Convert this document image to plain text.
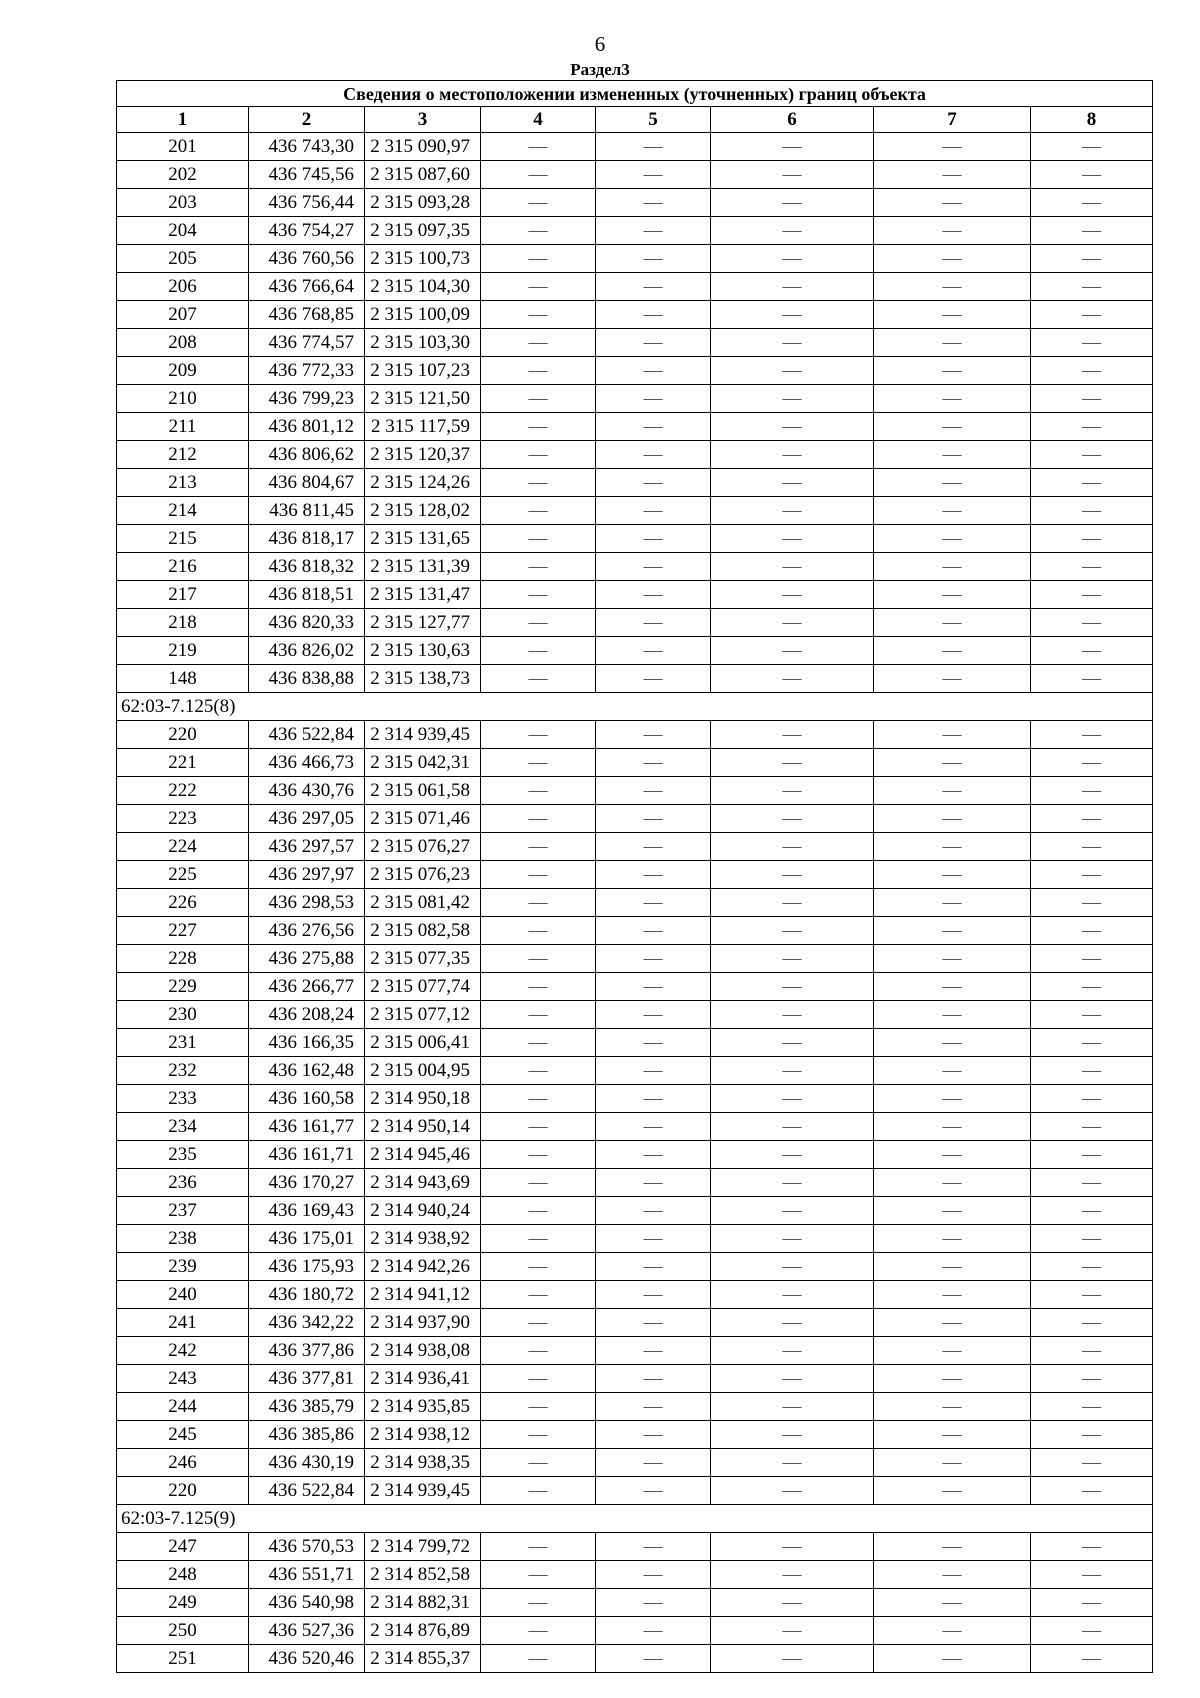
6
Раздел3
Сведения о местоположении измененных (уточненных) границ объекта							
1	2	3	4	5	6	7	8
201	436 743,30	2 315 090,97	—	—	—	—	—
202	436 745,56	2 315 087,60	—	—	—	—	—
203	436 756,44	2 315 093,28	—	—	—	—	—
204	436 754,27	2 315 097,35	—	—	—	—	—
205	436 760,56	2 315 100,73	—	—	—	—	—
206	436 766,64	2 315 104,30	—	—	—	—	—
207	436 768,85	2 315 100,09	—	—	—	—	—
208	436 774,57	2 315 103,30	—	—	—	—	—
209	436 772,33	2 315 107,23	—	—	—	—	—
210	436 799,23	2 315 121,50	—	—	—	—	—
211	436 801,12	2 315 117,59	—	—	—	—	—
212	436 806,62	2 315 120,37	—	—	—	—	—
213	436 804,67	2 315 124,26	—	—	—	—	—
214	436 811,45	2 315 128,02	—	—	—	—	—
215	436 818,17	2 315 131,65	—	—	—	—	—
216	436 818,32	2 315 131,39	—	—	—	—	—
217	436 818,51	2 315 131,47	—	—	—	—	—
218	436 820,33	2 315 127,77	—	—	—	—	—
219	436 826,02	2 315 130,63	—	—	—	—	—
148	436 838,88	2 315 138,73	—	—	—	—	—
62:03-7.125(8)							
220	436 522,84	2 314 939,45	—	—	—	—	—
221	436 466,73	2 315 042,31	—	—	—	—	—
222	436 430,76	2 315 061,58	—	—	—	—	—
223	436 297,05	2 315 071,46	—	—	—	—	—
224	436 297,57	2 315 076,27	—	—	—	—	—
225	436 297,97	2 315 076,23	—	—	—	—	—
226	436 298,53	2 315 081,42	—	—	—	—	—
227	436 276,56	2 315 082,58	—	—	—	—	—
228	436 275,88	2 315 077,35	—	—	—	—	—
229	436 266,77	2 315 077,74	—	—	—	—	—
230	436 208,24	2 315 077,12	—	—	—	—	—
231	436 166,35	2 315 006,41	—	—	—	—	—
232	436 162,48	2 315 004,95	—	—	—	—	—
233	436 160,58	2 314 950,18	—	—	—	—	—
234	436 161,77	2 314 950,14	—	—	—	—	—
235	436 161,71	2 314 945,46	—	—	—	—	—
236	436 170,27	2 314 943,69	—	—	—	—	—
237	436 169,43	2 314 940,24	—	—	—	—	—
238	436 175,01	2 314 938,92	—	—	—	—	—
239	436 175,93	2 314 942,26	—	—	—	—	—
240	436 180,72	2 314 941,12	—	—	—	—	—
241	436 342,22	2 314 937,90	—	—	—	—	—
242	436 377,86	2 314 938,08	—	—	—	—	—
243	436 377,81	2 314 936,41	—	—	—	—	—
244	436 385,79	2 314 935,85	—	—	—	—	—
245	436 385,86	2 314 938,12	—	—	—	—	—
246	436 430,19	2 314 938,35	—	—	—	—	—
220	436 522,84	2 314 939,45	—	—	—	—	—
62:03-7.125(9)							
247	436 570,53	2 314 799,72	—	—	—	—	—
248	436 551,71	2 314 852,58	—	—	—	—	—
249	436 540,98	2 314 882,31	—	—	—	—	—
250	436 527,36	2 314 876,89	—	—	—	—	—
251	436 520,46	2 314 855,37	—	—	—	—	—
